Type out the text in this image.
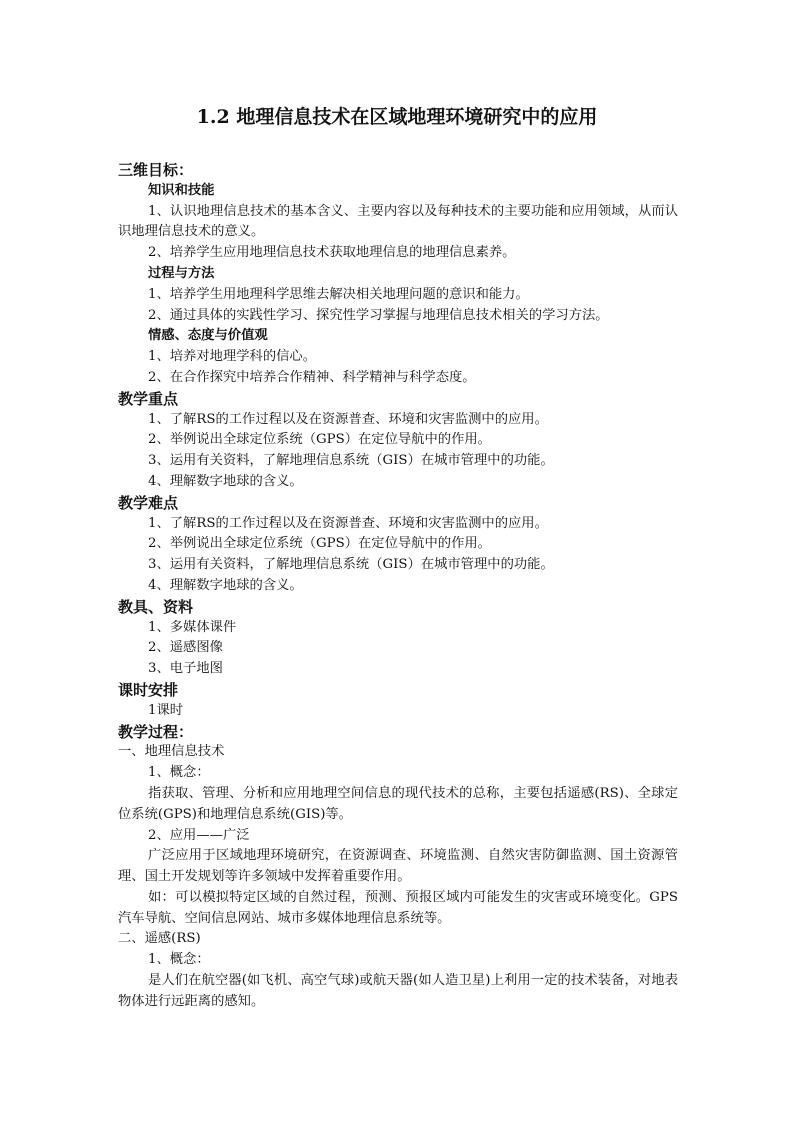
1.2 地理信息技术在区域地理环境研究中的应用

三维目标：

知识和技能

1、认识地理信息技术的基本含义、主要内容以及每种技术的主要功能和应用领域，从而认识地理信息技术的意义。

2、培养学生应用地理信息技术获取地理信息的地理信息素养。

过程与方法

1、培养学生用地理科学思维去解决相关地理问题的意识和能力。

2、通过具体的实践性学习、探究性学习掌握与地理信息技术相关的学习方法。

情感、态度与价值观

1、培养对地理学科的信心。

2、在合作探究中培养合作精神、科学精神与科学态度。

教学重点

1、了解RS的工作过程以及在资源普查、环境和灾害监测中的应用。

2、举例说出全球定位系统（GPS）在定位导航中的作用。

3、运用有关资料，了解地理信息系统（GIS）在城市管理中的功能。

4、理解数字地球的含义。

教学难点

1、了解RS的工作过程以及在资源普查、环境和灾害监测中的应用。

2、举例说出全球定位系统（GPS）在定位导航中的作用。

3、运用有关资料，了解地理信息系统（GIS）在城市管理中的功能。

4、理解数字地球的含义。

教具、资料

1、多媒体课件

2、遥感图像

3、电子地图

课时安排

1课时

教学过程：

一、地理信息技术

1、概念：

指获取、管理、分析和应用地理空间信息的现代技术的总称，主要包括遥感(RS)、全球定位系统(GPS)和地理信息系统(GIS)等。

2、应用——广泛

广泛应用于区域地理环境研究，在资源调查、环境监测、自然灾害防御监测、国土资源管理、国土开发规划等许多领域中发挥着重要作用。

如：可以模拟特定区域的自然过程，预测、预报区域内可能发生的灾害或环境变化。GPS汽车导航、空间信息网站、城市多媒体地理信息系统等。

二、遥感(RS)

1、概念：

是人们在航空器(如飞机、高空气球)或航天器(如人造卫星)上利用一定的技术装备，对地表物体进行远距离的感知。
